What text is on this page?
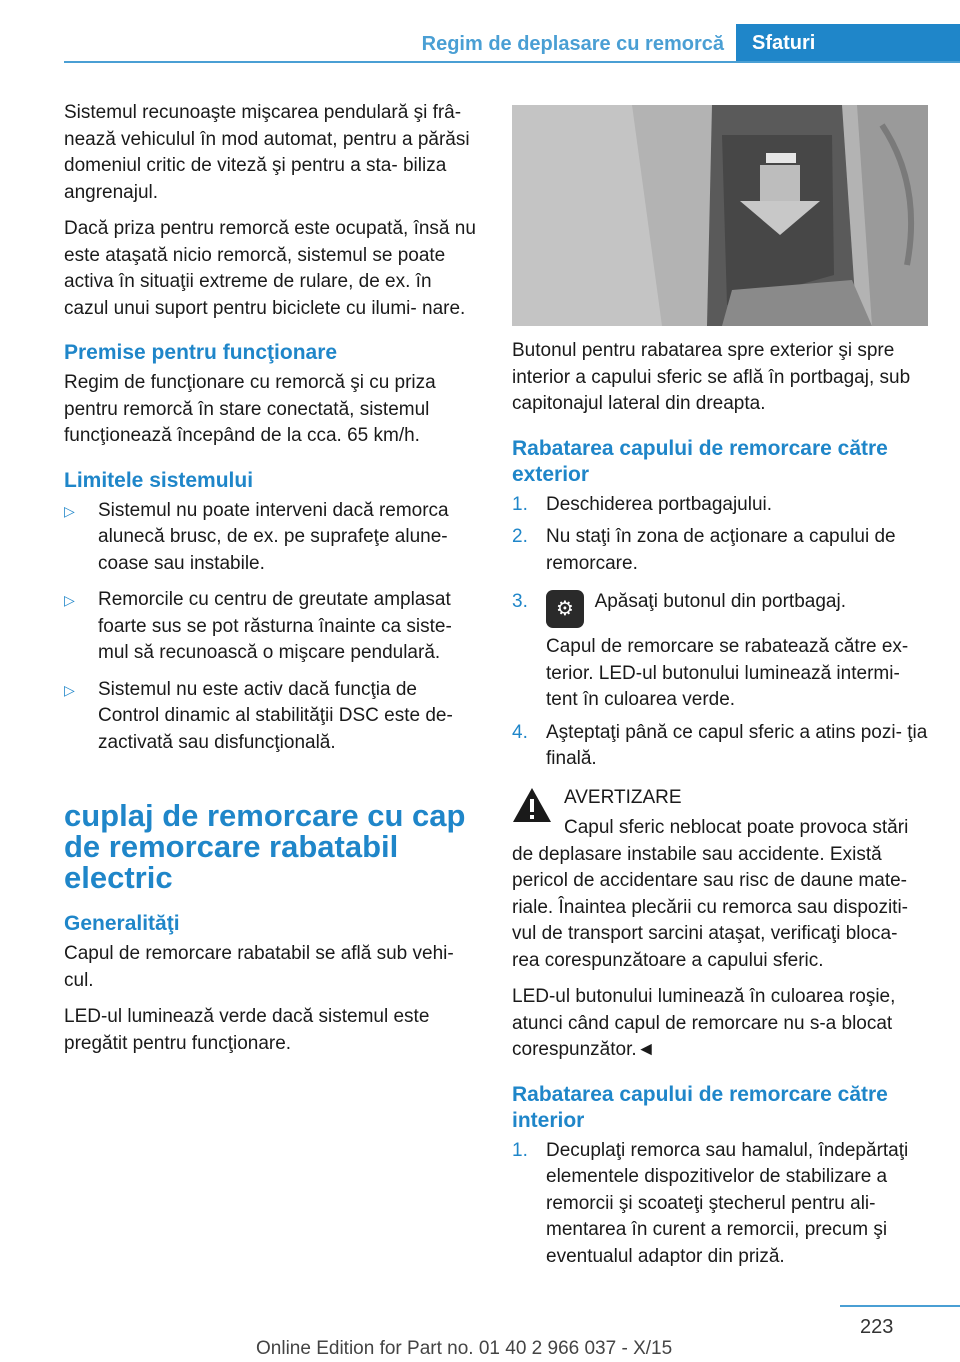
Regim de deplasare cu remorcă	Sfaturi

Sistemul recunoaşte mişcarea pendulară şi frâ- nează vehiculul în mod automat, pentru a părăsi domeniul critic de viteză şi pentru a sta- biliza angrenajul.

Dacă priza pentru remorcă este ocupată, însă nu este ataşată nicio remorcă, sistemul se poate activa în situaţii extreme de rulare, de ex. în cazul unui suport pentru biciclete cu ilumi- nare.

Premise pentru funcţionare

Regim de funcţionare cu remorcă şi cu priza pentru remorcă în stare conectată, sistemul funcţionează începând de la cca. 65 km/h.

Limitele sistemului
▷ Sistemul nu poate interveni dacă remorca alunecă brusc, de ex. pe suprafeţe alune- coase sau instabile.
▷ Remorcile cu centru de greutate amplasat foarte sus se pot răsturna înainte ca siste- mul să recunoască o mişcare pendulară.
▷ Sistemul nu este activ dacă funcţia de Control dinamic al stabilităţii DSC este de- zactivată sau disfuncţională.
cuplaj de remorcare cu cap de remorcare rabatabil electric
Generalităţi

Capul de remorcare rabatabil se află sub vehi- cul.

LED-ul luminează verde dacă sistemul este pregătit pentru funcţionare.

Butonul pentru rabatarea spre exterior şi spre interior a capului sferic se află în portbagaj, sub capitonajul lateral din dreapta.

Rabatarea capului de remorcare către exterior
1. Deschiderea portbagajului.
2. Nu staţi în zona de acţionare a capului de remorcare.
3. ⚙ Apăsaţi butonul din portbagaj.
Capul de remorcare se rabatează către ex- terior. LED-ul butonului luminează intermi- tent în culoarea verde.
4. Aşteptaţi până ce capul sferic a atins pozi- ţia finală.
AVERTIZARE
Capul sferic neblocat poate provoca stări de deplasare instabile sau accidente. Există pericol de accidentare sau risc de daune mate- riale. Înaintea plecării cu remorca sau dispoziti- vul de transport sarcini ataşat, verificaţi bloca- rea corespunzătoare a capului sferic.

LED-ul butonului luminează în culoarea roşie, atunci când capul de remorcare nu s-a blocat corespunzător.◄

Rabatarea capului de remorcare către interior
1. Decuplaţi remorca sau hamalul, îndepărtaţi elementele dispozitivelor de stabilizare a remorcii şi scoateţi ştecherul pentru ali- mentarea în curent a remorcii, precum şi eventualul adaptor din priză.
223
Online Edition for Part no. 01 40 2 966 037 - X/15
